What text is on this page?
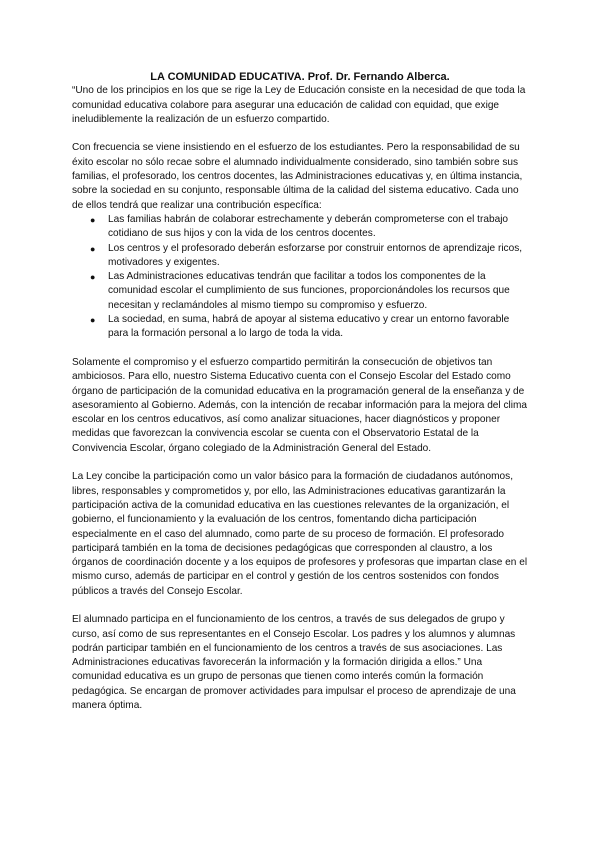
LA COMUNIDAD EDUCATIVA. Prof. Dr. Fernando Alberca.

“Uno de los principios en los que se rige la Ley de Educación consiste en la necesidad de que toda la comunidad educativa colabore para asegurar una educación de calidad con equidad, que exige ineludiblemente la realización de un esfuerzo compartido.

Con frecuencia se viene insistiendo en el esfuerzo de los estudiantes. Pero la responsabilidad de su éxito escolar no sólo recae sobre el alumnado individualmente considerado, sino también sobre sus familias, el profesorado, los centros docentes, las Administraciones educativas y, en última instancia, sobre la sociedad en su conjunto, responsable última de la calidad del sistema educativo. Cada uno de ellos tendrá que realizar una contribución específica:

● Las familias habrán de colaborar estrechamente y deberán comprometerse con el trabajo cotidiano de sus hijos y con la vida de los centros docentes.
● Los centros y el profesorado deberán esforzarse por construir entornos de aprendizaje ricos, motivadores y exigentes.
● Las Administraciones educativas tendrán que facilitar a todos los componentes de la comunidad escolar el cumplimiento de sus funciones, proporcionándoles los recursos que necesitan y reclamándoles al mismo tiempo su compromiso y esfuerzo.
● La sociedad, en suma, habrá de apoyar al sistema educativo y crear un entorno favorable para la formación personal a lo largo de toda la vida.

Solamente el compromiso y el esfuerzo compartido permitirán la consecución de objetivos tan ambiciosos. Para ello, nuestro Sistema Educativo cuenta con el Consejo Escolar del Estado como órgano de participación de la comunidad educativa en la programación general de la enseñanza y de asesoramiento al Gobierno. Además, con la intención de recabar información para la mejora del clima escolar en los centros educativos, así como analizar situaciones, hacer diagnósticos y proponer medidas que favorezcan la convivencia escolar se cuenta con el Observatorio Estatal de la Convivencia Escolar, órgano colegiado de la Administración General del Estado.

La Ley concibe la participación como un valor básico para la formación de ciudadanos autónomos, libres, responsables y comprometidos y, por ello, las Administraciones educativas garantizarán la participación activa de la comunidad educativa en las cuestiones relevantes de la organización, el gobierno, el funcionamiento y la evaluación de los centros, fomentando dicha participación especialmente en el caso del alumnado, como parte de su proceso de formación. El profesorado participará también en la toma de decisiones pedagógicas que corresponden al claustro, a los órganos de coordinación docente y a los equipos de profesores y profesoras que impartan clase en el mismo curso, además de participar en el control y gestión de los centros sostenidos con fondos públicos a través del Consejo Escolar.

El alumnado participa en el funcionamiento de los centros, a través de sus delegados de grupo y curso, así como de sus representantes en el Consejo Escolar. Los padres y los alumnos y alumnas podrán participar también en el funcionamiento de los centros a través de sus asociaciones. Las Administraciones educativas favorecerán la información y la formación dirigida a ellos.” Una comunidad educativa es un grupo de personas que tienen como interés común la formación pedagógica. Se encargan de promover actividades para impulsar el proceso de aprendizaje de una manera óptima.
